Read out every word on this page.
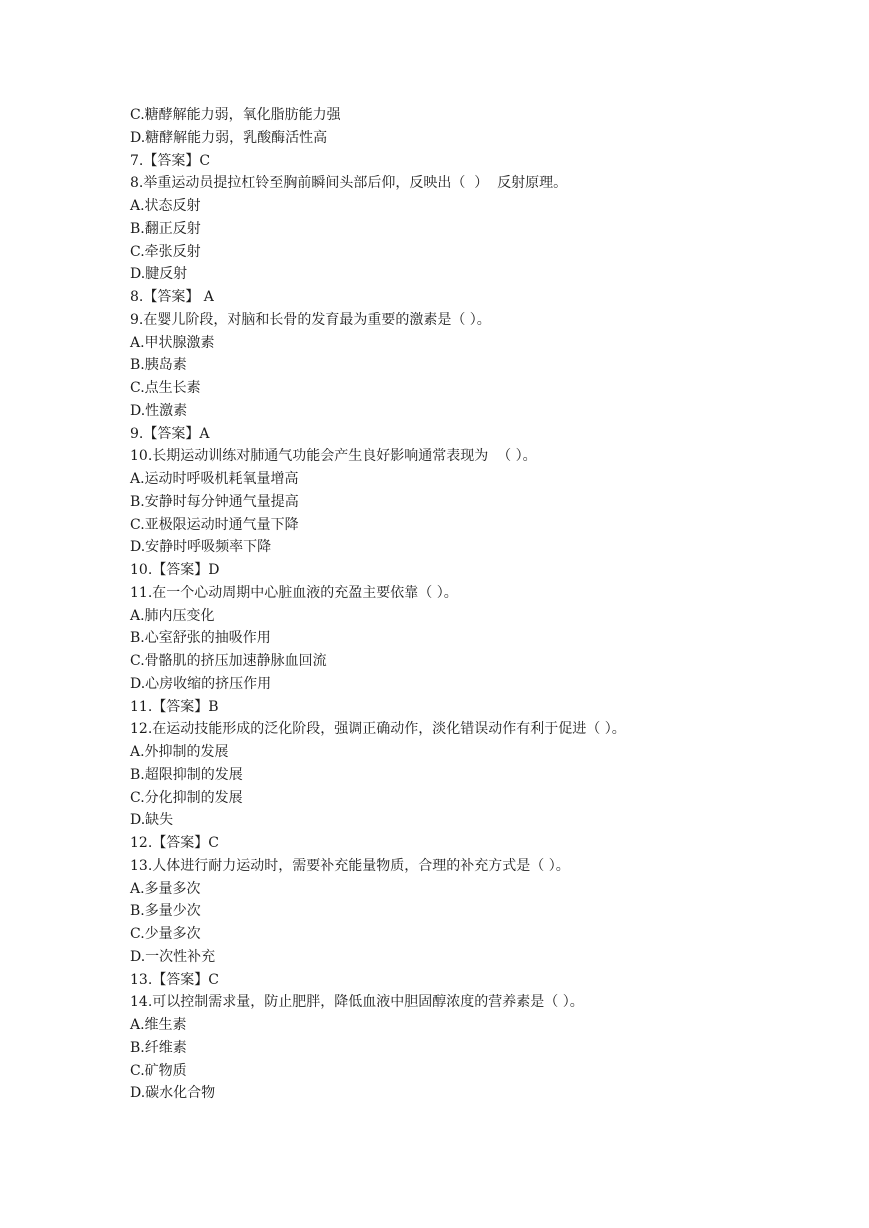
C.糖酵解能力弱，氧化脂肪能力强
D.糖酵解能力弱，乳酸酶活性高
7.【答案】C
8.举重运动员提拉杠铃至胸前瞬间头部后仰，反映出（  ）  反射原理。
A.状态反射
B.翻正反射
C.牵张反射
D.腱反射
8.【答案】 A
9.在婴儿阶段，对脑和长骨的发育最为重要的激素是（ ）。
A.甲状腺激素
B.胰岛素
C.点生长素
D.性激素
9.【答案】A
10.长期运动训练对肺通气功能会产生良好影响通常表现为  （ ）。
A.运动时呼吸机耗氧量增高
B.安静时每分钟通气量提高
C.亚极限运动时通气量下降
D.安静时呼吸频率下降
10.【答案】D
11.在一个心动周期中心脏血液的充盈主要依靠（ ）。
A.肺内压变化
B.心室舒张的抽吸作用
C.骨骼肌的挤压加速静脉血回流
D.心房收缩的挤压作用
11.【答案】B
12.在运动技能形成的泛化阶段，强调正确动作，淡化错误动作有利于促进（ ）。
A.外抑制的发展
B.超限抑制的发展
C.分化抑制的发展
D.缺失
12.【答案】C
13.人体进行耐力运动时，需要补充能量物质，合理的补充方式是（ ）。
A.多量多次
B.多量少次
C.少量多次
D.一次性补充
13.【答案】C
14.可以控制需求量，防止肥胖，降低血液中胆固醇浓度的营养素是（ ）。
A.维生素
B.纤维素
C.矿物质
D.碳水化合物
